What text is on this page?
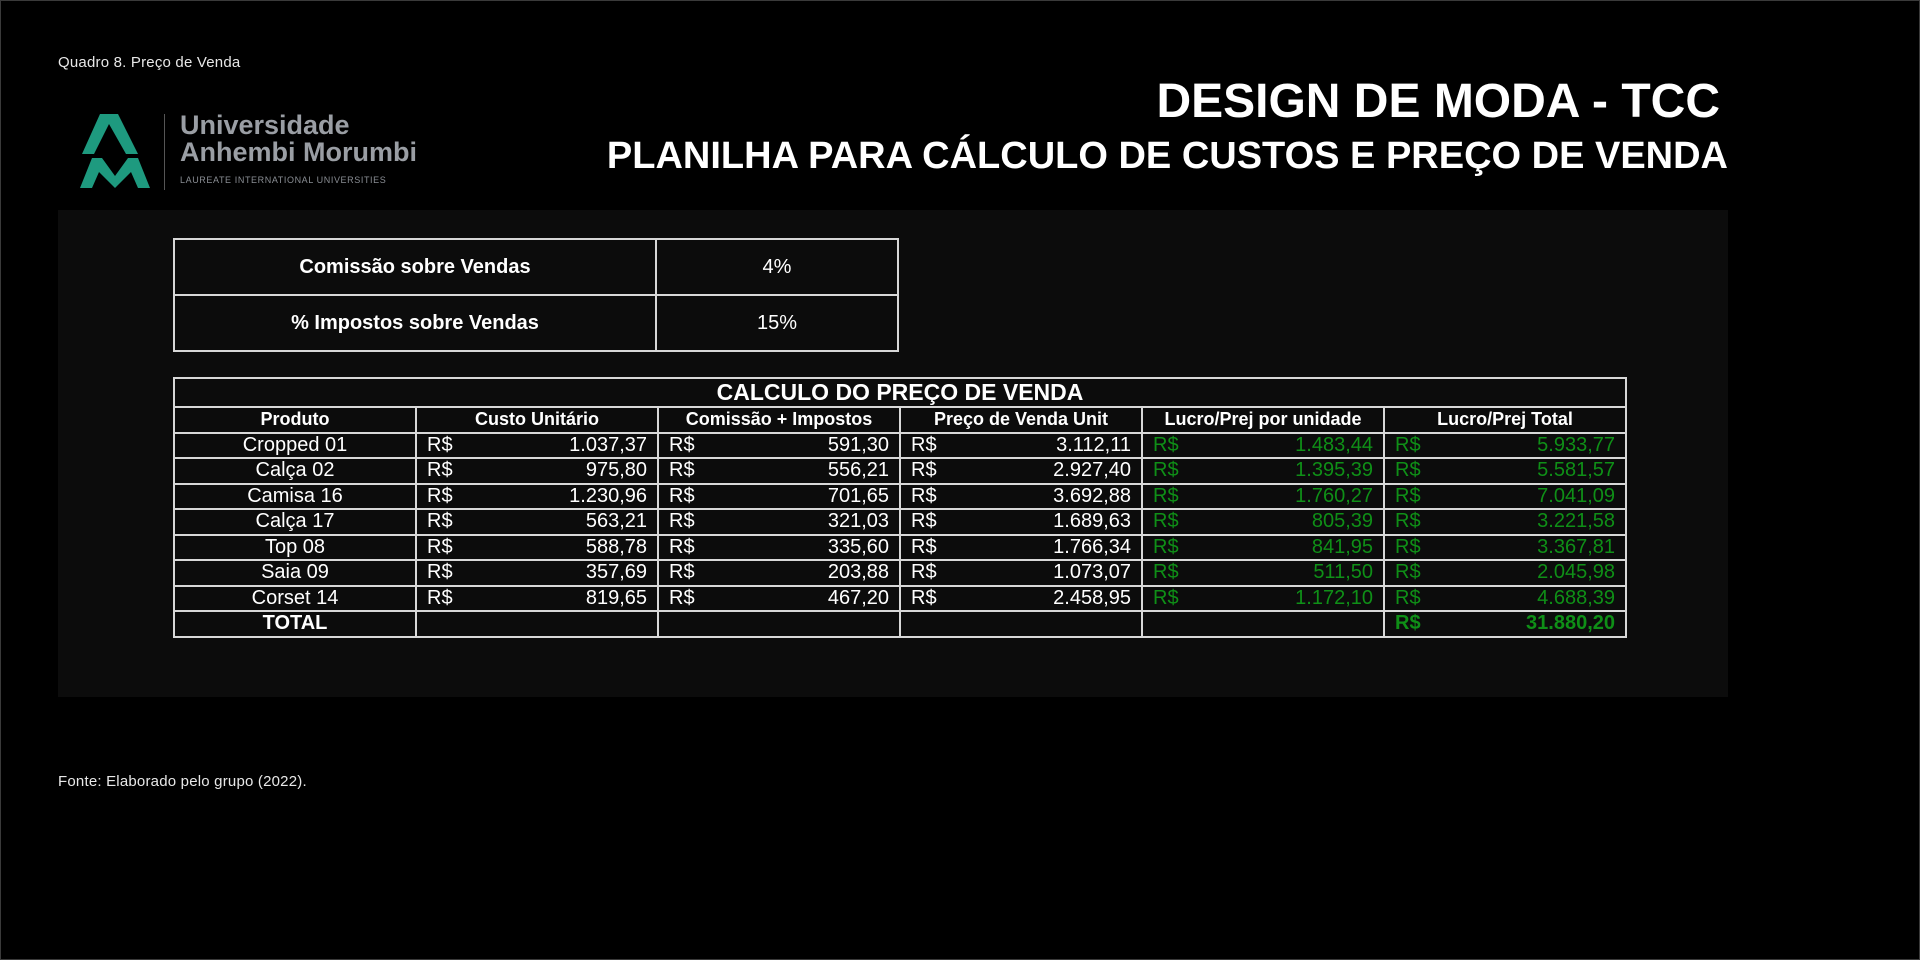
Quadro 8. Preço de Venda
Universidade
Anhembi Morumbi
LAUREATE INTERNATIONAL UNIVERSITIES
DESIGN DE MODA - TCC
PLANILHA PARA CÁLCULO DE CUSTOS E PREÇO DE VENDA
Comissão sobre Vendas	4%
% Impostos sobre Vendas	15%
CALCULO DO PREÇO DE VENDA					
Produto	Custo Unitário	Comissão + Impostos	Preço de Venda Unit	Lucro/Prej por unidade	Lucro/Prej Total
Cropped 01	R$ 1.037,37	R$ 591,30	R$ 3.112,11	R$ 1.483,44	R$ 5.933,77

Calça 02	R$ 975,80	R$ 556,21	R$ 2.927,40	R$ 1.395,39	R$ 5.581,57

Camisa 16	R$ 1.230,96	R$ 701,65	R$ 3.692,88	R$ 1.760,27	R$ 7.041,09

Calça 17	R$ 563,21	R$ 321,03	R$ 1.689,63	R$ 805,39	R$ 3.221,58

Top 08	R$ 588,78	R$ 335,60	R$ 1.766,34	R$ 841,95	R$ 3.367,81

Saia 09	R$ 357,69	R$ 203,88	R$ 1.073,07	R$ 511,50	R$ 2.045,98

Corset 14	R$ 819,65	R$ 467,20	R$ 2.458,95	R$ 1.172,10	R$ 4.688,39

TOTAL					R$ 31.880,20
Fonte: Elaborado pelo grupo (2022).
